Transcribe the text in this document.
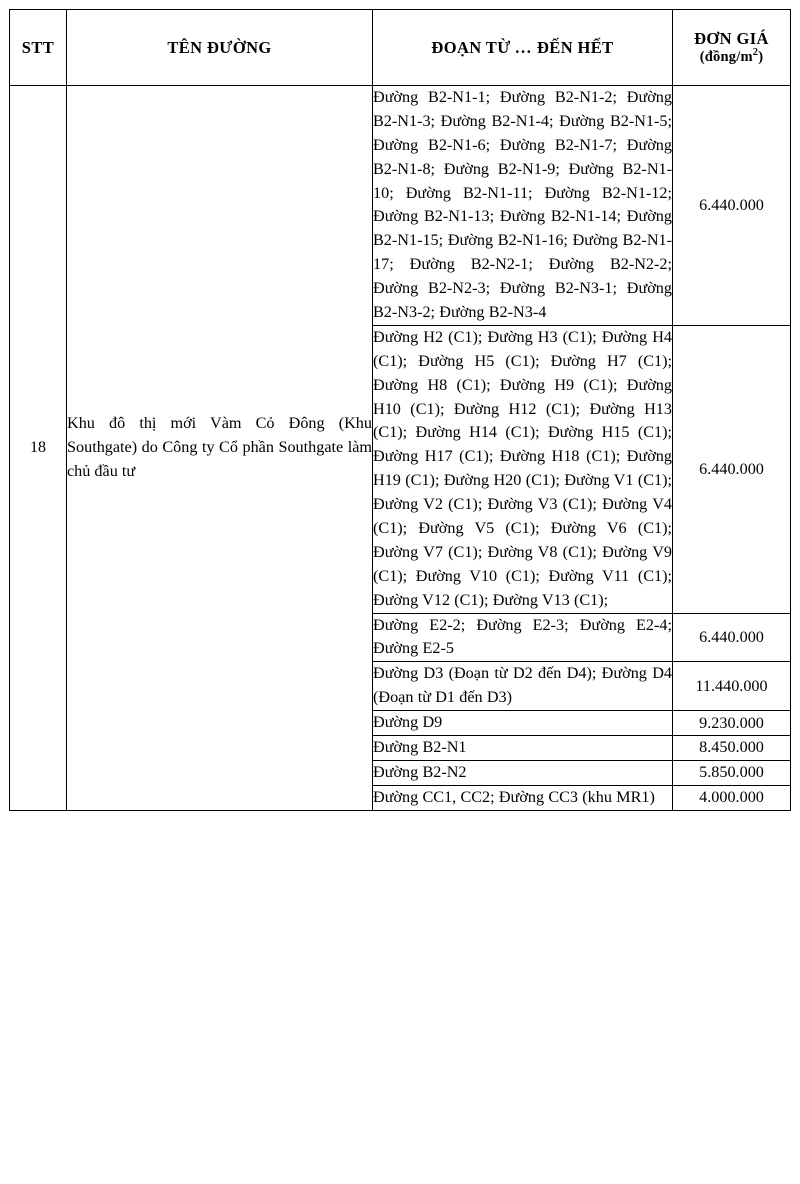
STT	TÊN ĐƯỜNG	ĐOẠN TỪ ... ĐẾN HẾT	ĐƠN GIÁ
$(đồng/m^2)$

18	Khu đô thị mới Vàm Cỏ Đông (Khu Southgate) do Công ty Cổ phần Southgate làm chủ đầu tư	Đường B2-N1-1; Đường B2-N1-2; Đường B2-N1-3; Đường B2-N1-4; Đường B2-N1-5; Đường B2-N1-6; Đường B2-N1-7; Đường B2-N1-8; Đường B2-N1-9; Đường B2-N1-10; Đường B2-N1-11; Đường B2-N1-12; Đường B2-N1-13; Đường B2-N1-14; Đường B2-N1-15; Đường B2-N1-16; Đường B2-N1-17; Đường B2-N2-1; Đường B2-N2-2; Đường B2-N2-3; Đường B2-N3-1; Đường B2-N3-2; Đường B2-N3-4	6.440.000
		Đường H2 (C1); Đường H3 (C1); Đường H4 (C1); Đường H5 (C1); Đường H7 (C1); Đường H8 (C1); Đường H9 (C1); Đường H10 (C1); Đường H12 (C1); Đường H13 (C1); Đường H14 (C1); Đường H15 (C1); Đường H17 (C1); Đường H18 (C1); Đường H19 (C1); Đường H20 (C1); Đường V1 (C1); Đường V2 (C1); Đường V3 (C1); Đường V4 (C1); Đường V5 (C1); Đường V6 (C1); Đường V7 (C1); Đường V8 (C1); Đường V9 (C1); Đường V10 (C1); Đường V11 (C1); Đường V12 (C1); Đường V13 (C1);	6.440.000
		Đường E2-2; Đường E2-3; Đường E2-4; Đường E2-5	6.440.000
		Đường D3 (Đoạn từ D2 đến D4); Đường D4 (Đoạn từ D1 đến D3)	11.440.000
		Đường D9	9.230.000
		Đường B2-N1	8.450.000
		Đường B2-N2	5.850.000
		Đường CC1, CC2; Đường CC3 (khu MR1)	4.000.000
